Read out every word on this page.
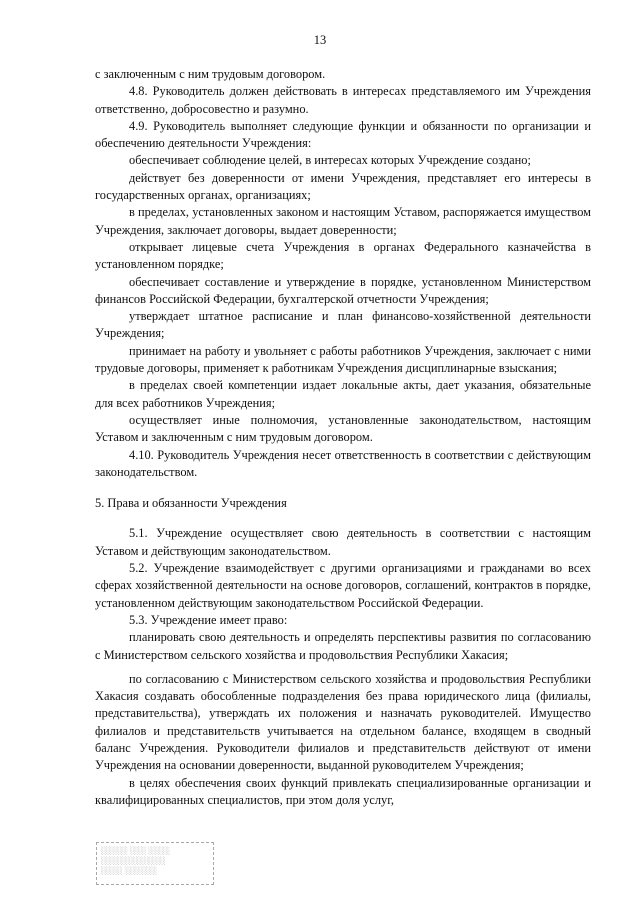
13

с заключенным с ним трудовым договором.

4.8. Руководитель должен действовать в интересах представляемого им Учреждения ответственно, добросовестно и разумно.

4.9. Руководитель выполняет следующие функции и обязанности по организации и обеспечению деятельности Учреждения:

обеспечивает соблюдение целей, в интересах которых Учреждение создано;

действует без доверенности от имени Учреждения, представляет его интересы в государственных органах, организациях;

в пределах, установленных законом и настоящим Уставом, распоряжается имуществом Учреждения, заключает договоры, выдает доверенности;

открывает лицевые счета Учреждения в органах Федерального казначейства в установленном порядке;

обеспечивает составление и утверждение в порядке, установленном Министерством финансов Российской Федерации, бухгалтерской отчетности Учреждения;

утверждает штатное расписание и план финансово-хозяйственной деятельности Учреждения;

принимает на работу и увольняет с работы работников Учреждения, заключает с ними трудовые договоры, применяет к работникам Учреждения дисциплинарные взыскания;

в пределах своей компетенции издает локальные акты, дает указания, обязательные для всех работников Учреждения;

осуществляет иные полномочия, установленные законодательством, настоящим Уставом и заключенным с ним трудовым договором.

4.10. Руководитель Учреждения несет ответственность в соответствии с действующим законодательством.

5. Права и обязанности Учреждения

5.1. Учреждение осуществляет свою деятельность в соответствии с настоящим Уставом и действующим законодательством.

5.2. Учреждение взаимодействует с другими организациями и гражданами во всех сферах хозяйственной деятельности на основе договоров, соглашений, контрактов в порядке, установленном действующим законодательством Российской Федерации.

5.3. Учреждение имеет право:

планировать свою деятельность и определять перспективы развития по согласованию с Министерством сельского хозяйства и продовольствия Республики Хакасия;

по согласованию с Министерством сельского хозяйства и продовольствия Республики Хакасия создавать обособленные подразделения без права юридического лица (филиалы, представительства), утверждать их положения и назначать руководителей. Имущество филиалов и представительств учитывается на отдельном балансе, входящем в сводный баланс Учреждения. Руководители филиалов и представительств действуют от имени Учреждения на основании доверенности, выданной руководителем Учреждения;

в целях обеспечения своих функций привлекать специализированные организации и квалифицированных специалистов, при этом доля услуг,

░░░░░ ░░░ ░░░░
░░░░░░░░░░░░
░░░░ ░░░░░░
